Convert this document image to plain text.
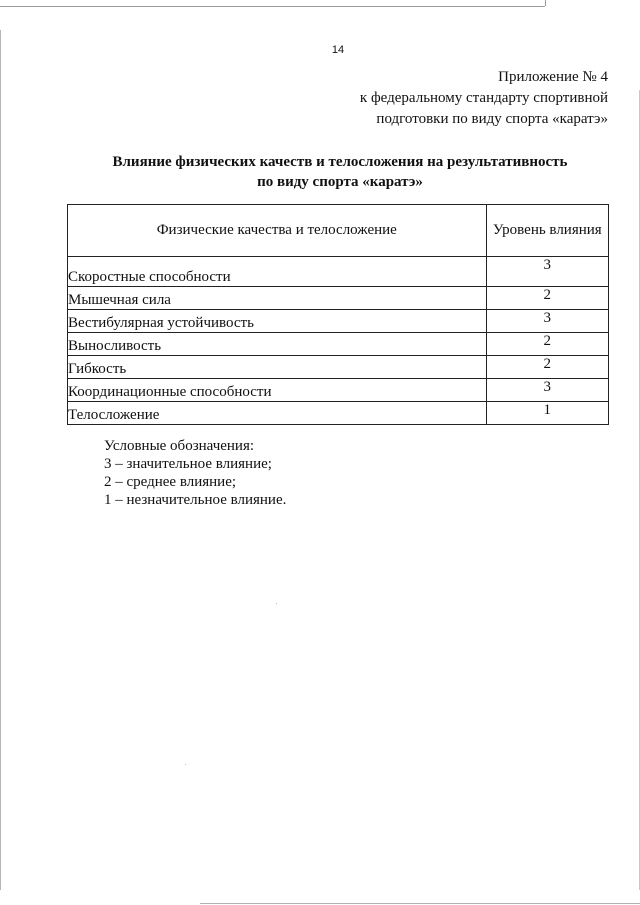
14
Приложение № 4
к федеральному стандарту спортивной
подготовки по виду спорта «каратэ»
Влияние физических качеств и телосложения на результативность
по виду спорта «каратэ»
Физические качества и телосложение	Уровень влияния
Скоростные способности	3
Мышечная сила	2
Вестибулярная устойчивость	3
Выносливость	2
Гибкость	2
Координационные способности	3
Телосложение	1
Условные обозначения:
3 – значительное влияние;
2 – среднее влияние;
1 – незначительное влияние.
